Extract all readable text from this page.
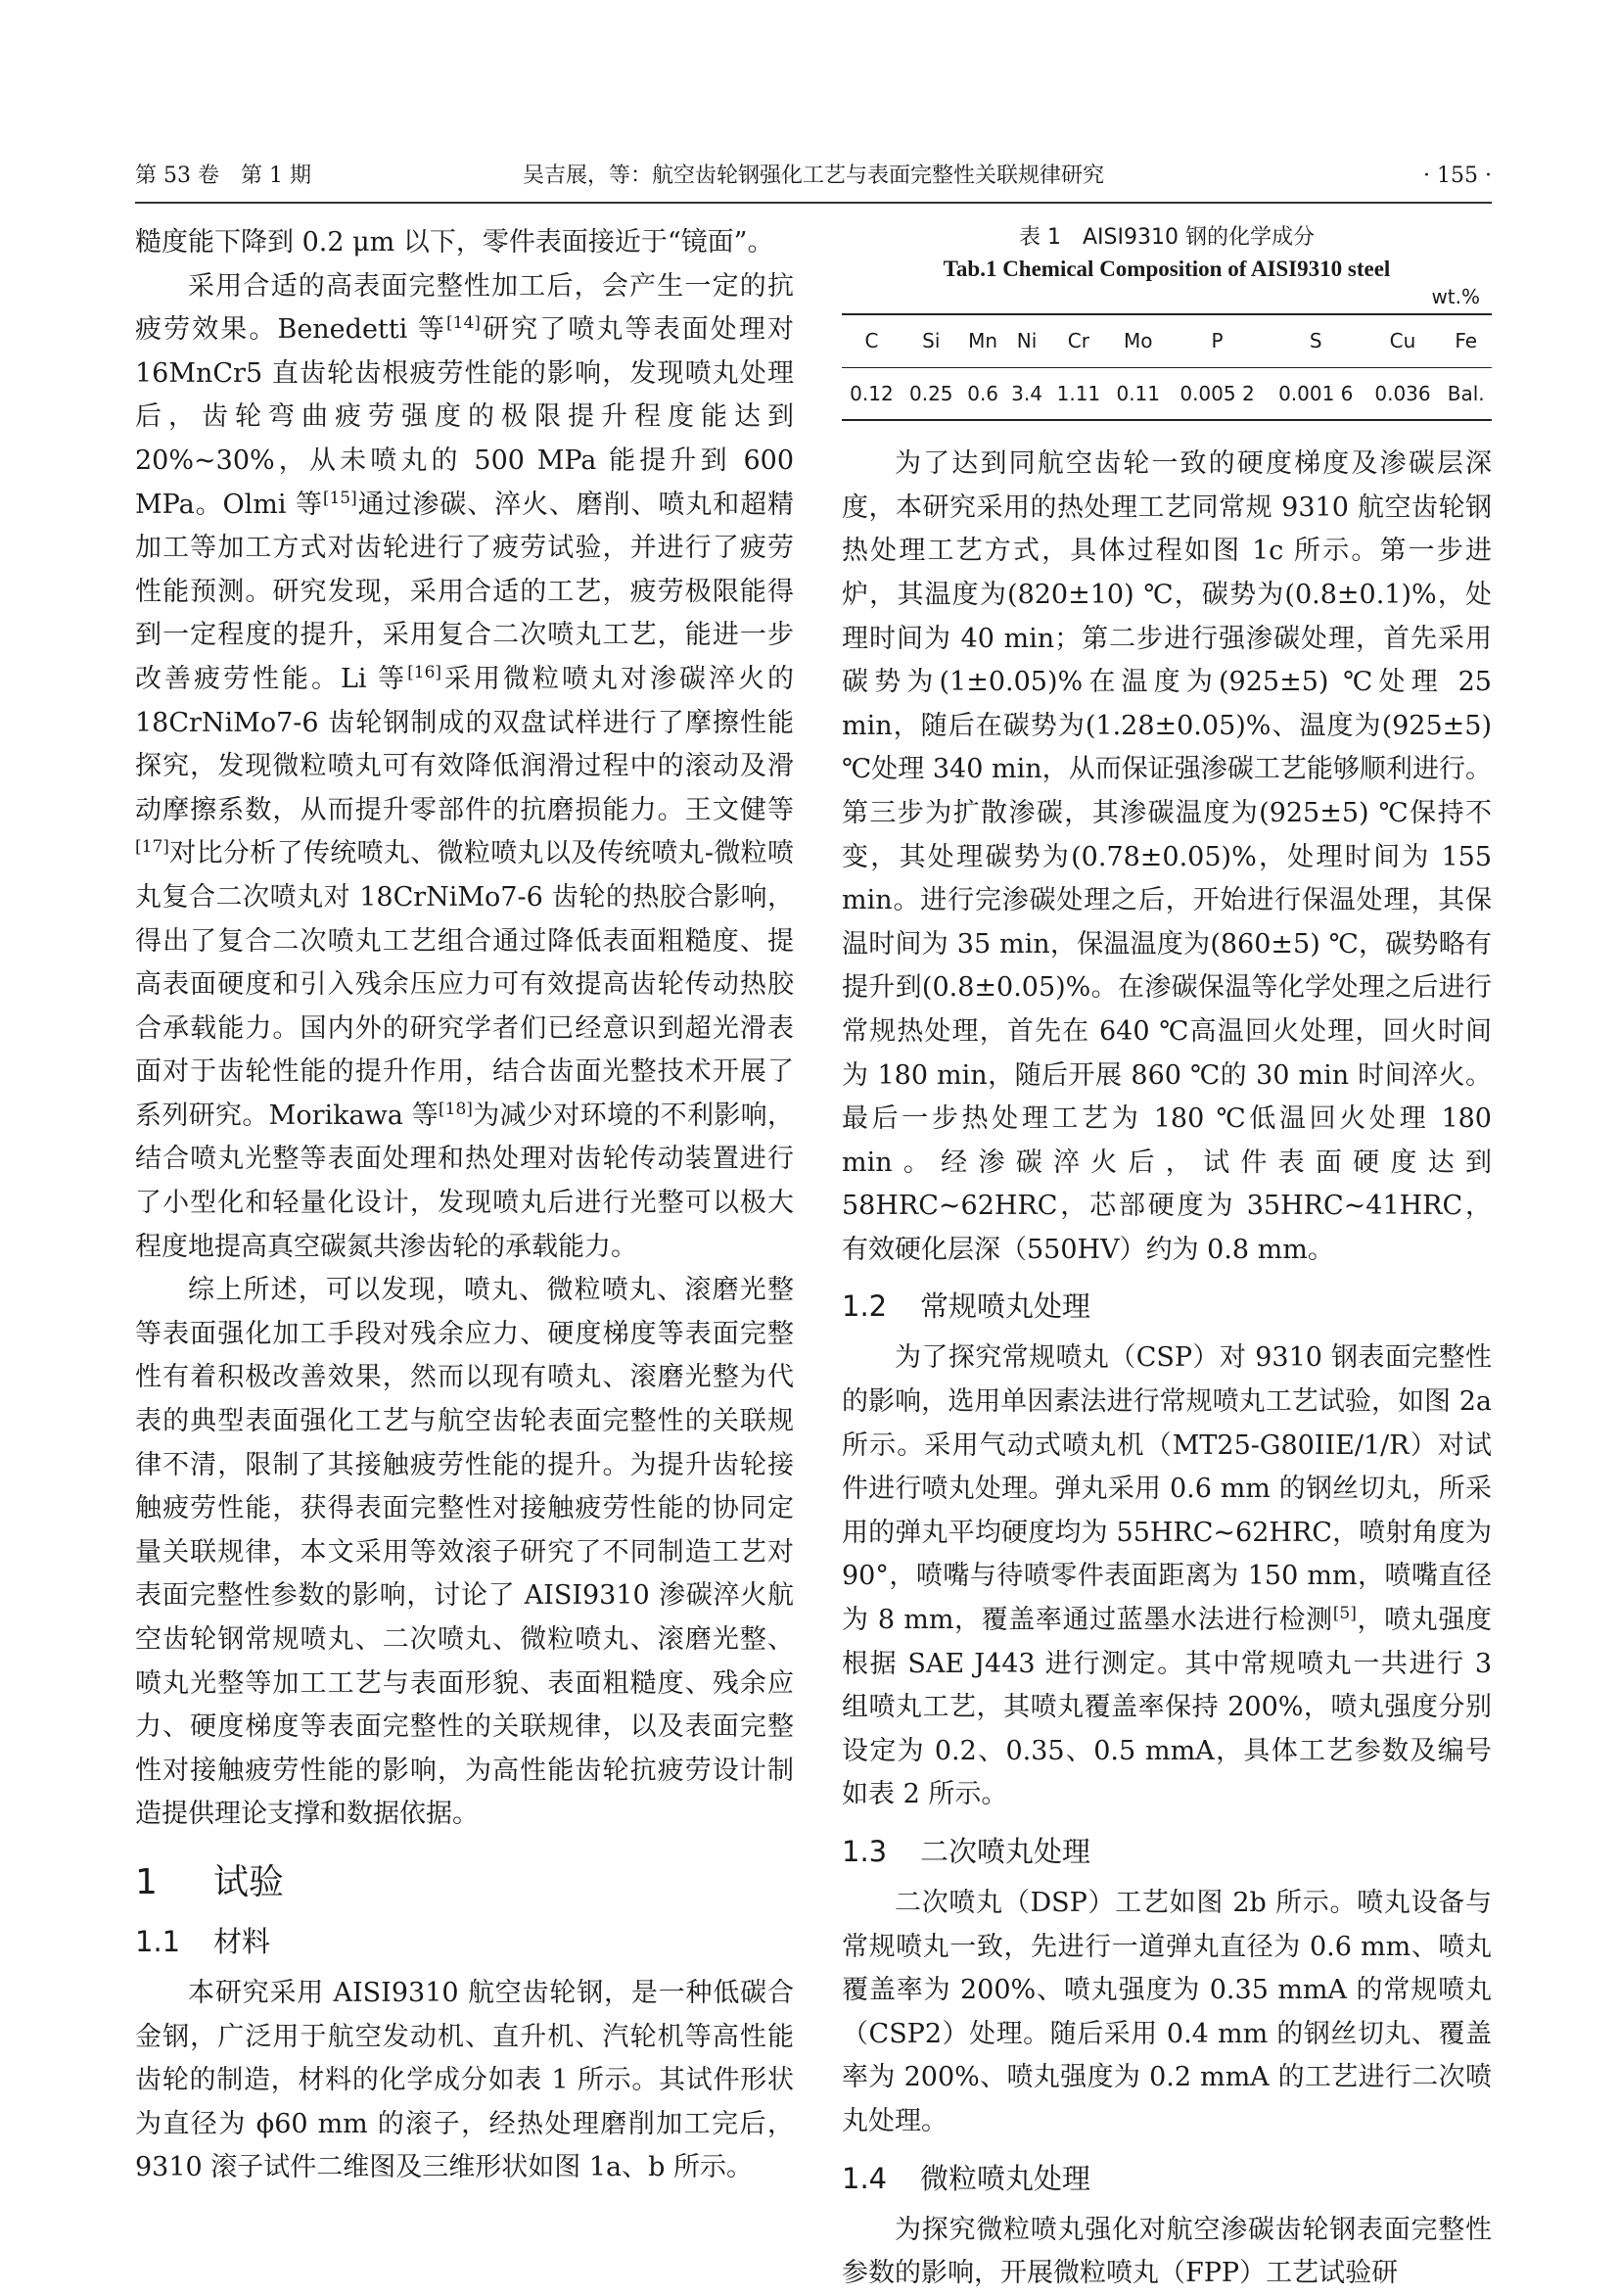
第 53 卷　第 1 期	吴吉展，等：航空齿轮钢强化工艺与表面完整性关联规律研究	· 155 ·

糙度能下降到 0.2 μm 以下，零件表面接近于“镜面”。

采用合适的高表面完整性加工后，会产生一定的抗疲劳效果。Benedetti 等[14]研究了喷丸等表面处理对 16MnCr5 直齿轮齿根疲劳性能的影响，发现喷丸处理后，齿轮弯曲疲劳强度的极限提升程度能达到 20%~30%，从未喷丸的 500 MPa 能提升到 600 MPa。Olmi 等[15]通过渗碳、淬火、磨削、喷丸和超精加工等加工方式对齿轮进行了疲劳试验，并进行了疲劳性能预测。研究发现，采用合适的工艺，疲劳极限能得到一定程度的提升，采用复合二次喷丸工艺，能进一步改善疲劳性能。Li 等[16]采用微粒喷丸对渗碳淬火的 18CrNiMo7-6 齿轮钢制成的双盘试样进行了摩擦性能探究，发现微粒喷丸可有效降低润滑过程中的滚动及滑动摩擦系数，从而提升零部件的抗磨损能力。王文健等[17]对比分析了传统喷丸、微粒喷丸以及传统喷丸-微粒喷丸复合二次喷丸对 18CrNiMo7-6 齿轮的热胶合影响，得出了复合二次喷丸工艺组合通过降低表面粗糙度、提高表面硬度和引入残余压应力可有效提高齿轮传动热胶合承载能力。国内外的研究学者们已经意识到超光滑表面对于齿轮性能的提升作用，结合齿面光整技术开展了系列研究。Morikawa 等[18]为减少对环境的不利影响，结合喷丸光整等表面处理和热处理对齿轮传动装置进行了小型化和轻量化设计，发现喷丸后进行光整可以极大程度地提高真空碳氮共渗齿轮的承载能力。

综上所述，可以发现，喷丸、微粒喷丸、滚磨光整等表面强化加工手段对残余应力、硬度梯度等表面完整性有着积极改善效果，然而以现有喷丸、滚磨光整为代表的典型表面强化工艺与航空齿轮表面完整性的关联规律不清，限制了其接触疲劳性能的提升。为提升齿轮接触疲劳性能，获得表面完整性对接触疲劳性能的协同定量关联规律，本文采用等效滚子研究了不同制造工艺对表面完整性参数的影响，讨论了 AISI9310 渗碳淬火航空齿轮钢常规喷丸、二次喷丸、微粒喷丸、滚磨光整、喷丸光整等加工工艺与表面形貌、表面粗糙度、残余应力、硬度梯度等表面完整性的关联规律，以及表面完整性对接触疲劳性能的影响，为高性能齿轮抗疲劳设计制造提供理论支撑和数据依据。

1 试验
1.1 材料

本研究采用 AISI9310 航空齿轮钢，是一种低碳合金钢，广泛用于航空发动机、直升机、汽轮机等高性能齿轮的制造，材料的化学成分如表 1 所示。其试件形状为直径为 ϕ60 mm 的滚子，经热处理磨削加工完后，9310 滚子试件二维图及三维形状如图 1a、b 所示。

表 1　AISI9310 钢的化学成分
Tab.1 Chemical Composition of AISI9310 steel
wt.%
C	Si	Mn	Ni	Cr	Mo	P	S	Cu	Fe
0.12	0.25	0.6	3.4	1.11	0.11	0.005 2	0.001 6	0.036	Bal.

为了达到同航空齿轮一致的硬度梯度及渗碳层深度，本研究采用的热处理工艺同常规 9310 航空齿轮钢热处理工艺方式，具体过程如图 1c 所示。第一步进炉，其温度为(820±10) ℃，碳势为(0.8±0.1)%，处理时间为 40 min；第二步进行强渗碳处理，首先采用碳势为(1±0.05)%在温度为(925±5) ℃处理 25 min，随后在碳势为(1.28±0.05)%、温度为(925±5) ℃处理 340 min，从而保证强渗碳工艺能够顺利进行。第三步为扩散渗碳，其渗碳温度为(925±5) ℃保持不变，其处理碳势为(0.78±0.05)%，处理时间为 155 min。进行完渗碳处理之后，开始进行保温处理，其保温时间为 35 min，保温温度为(860±5) ℃，碳势略有提升到(0.8±0.05)%。在渗碳保温等化学处理之后进行常规热处理，首先在 640 ℃高温回火处理，回火时间为 180 min，随后开展 860 ℃的 30 min 时间淬火。最后一步热处理工艺为 180 ℃低温回火处理 180 min。经渗碳淬火后，试件表面硬度达到 58HRC~62HRC，芯部硬度为 35HRC~41HRC，有效硬化层深（550HV）约为 0.8 mm。

1.2 常规喷丸处理

为了探究常规喷丸（CSP）对 9310 钢表面完整性的影响，选用单因素法进行常规喷丸工艺试验，如图 2a 所示。采用气动式喷丸机（MT25-G80IIE/1/R）对试件进行喷丸处理。弹丸采用 0.6 mm 的钢丝切丸，所采用的弹丸平均硬度均为 55HRC~62HRC，喷射角度为 90°，喷嘴与待喷零件表面距离为 150 mm，喷嘴直径为 8 mm，覆盖率通过蓝墨水法进行检测[5]，喷丸强度根据 SAE J443 进行测定。其中常规喷丸一共进行 3 组喷丸工艺，其喷丸覆盖率保持 200%，喷丸强度分别设定为 0.2、0.35、0.5 mmA，具体工艺参数及编号如表 2 所示。

1.3 二次喷丸处理

二次喷丸（DSP）工艺如图 2b 所示。喷丸设备与常规喷丸一致，先进行一道弹丸直径为 0.6 mm、喷丸覆盖率为 200%、喷丸强度为 0.35 mmA 的常规喷丸（CSP2）处理。随后采用 0.4 mm 的钢丝切丸、覆盖率为 200%、喷丸强度为 0.2 mmA 的工艺进行二次喷丸处理。

1.4 微粒喷丸处理

为探究微粒喷丸强化对航空渗碳齿轮钢表面完整性参数的影响，开展微粒喷丸（FPP）工艺试验研
